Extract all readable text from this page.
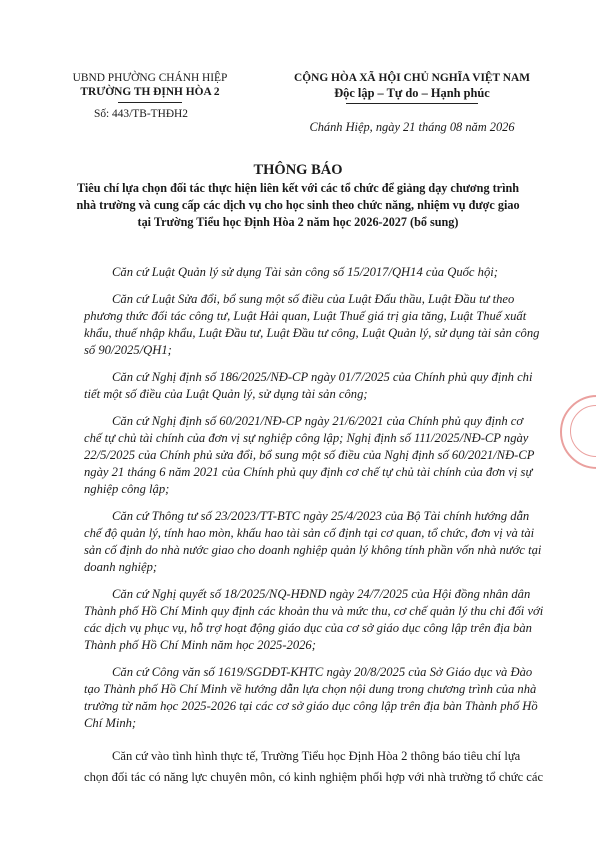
UBND PHƯỜNG CHÁNH HIỆP
TRƯỜNG TH ĐỊNH HÒA 2
Số: 443/TB-THĐH2
CỘNG HÒA XÃ HỘI CHỦ NGHĨA VIỆT NAM
Độc lập – Tự do – Hạnh phúc
Chánh Hiệp, ngày 21 tháng 08 năm 2026
THÔNG BÁO
Tiêu chí lựa chọn đối tác thực hiện liên kết với các tổ chức để giảng dạy chương trình
nhà trường và cung cấp các dịch vụ cho học sinh theo chức năng, nhiệm vụ được giao
tại Trường Tiểu học Định Hòa 2 năm học 2026-2027 (bổ sung)
Căn cứ Luật Quản lý sử dụng Tài sản công số 15/2017/QH14 của Quốc hội;
Căn cứ Luật Sửa đổi, bổ sung một số điều của Luật Đấu thầu, Luật Đầu tư theo
phương thức đối tác công tư, Luật Hải quan, Luật Thuế giá trị gia tăng, Luật Thuế xuất
khẩu, thuế nhập khẩu, Luật Đầu tư, Luật Đầu tư công, Luật Quản lý, sử dụng tài sản công
số 90/2025/QH1;
Căn cứ Nghị định số 186/2025/NĐ-CP ngày 01/7/2025 của Chính phủ quy định chi
tiết một số điều của Luật Quản lý, sử dụng tài sản công;
Căn cứ Nghị định số 60/2021/NĐ-CP ngày 21/6/2021 của Chính phủ quy định cơ
chế tự chủ tài chính của đơn vị sự nghiệp công lập; Nghị định số 111/2025/NĐ-CP ngày
22/5/2025 của Chính phủ sửa đổi, bổ sung một số điều của Nghị định số 60/2021/NĐ-CP
ngày 21 tháng 6 năm 2021 của Chính phủ quy định cơ chế tự chủ tài chính của đơn vị sự
nghiệp công lập;
Căn cứ Thông tư số 23/2023/TT-BTC ngày 25/4/2023 của Bộ Tài chính hướng dẫn
chế độ quản lý, tính hao mòn, khấu hao tài sản cố định tại cơ quan, tổ chức, đơn vị và tài
sản cố định do nhà nước giao cho doanh nghiệp quản lý không tính phần vốn nhà nước tại
doanh nghiệp;
Căn cứ Nghị quyết số 18/2025/NQ-HĐND ngày 24/7/2025 của Hội đồng nhân dân
Thành phố Hồ Chí Minh quy định các khoản thu và mức thu, cơ chế quản lý thu chi đối với
các dịch vụ phục vụ, hỗ trợ hoạt động giáo dục của cơ sở giáo dục công lập trên địa bàn
Thành phố Hồ Chí Minh năm học 2025-2026;
Căn cứ Công văn số 1619/SGDĐT-KHTC ngày 20/8/2025 của Sở Giáo dục và Đào
tạo Thành phố Hồ Chí Minh về hướng dẫn lựa chọn nội dung trong chương trình của nhà
trường từ năm học 2025-2026 tại các cơ sở giáo dục công lập trên địa bàn Thành phố Hồ
Chí Minh;
Căn cứ vào tình hình thực tế, Trường Tiểu học Định Hòa 2 thông báo tiêu chí lựa
chọn đối tác có năng lực chuyên môn, có kinh nghiệm phối hợp với nhà trường tổ chức các
